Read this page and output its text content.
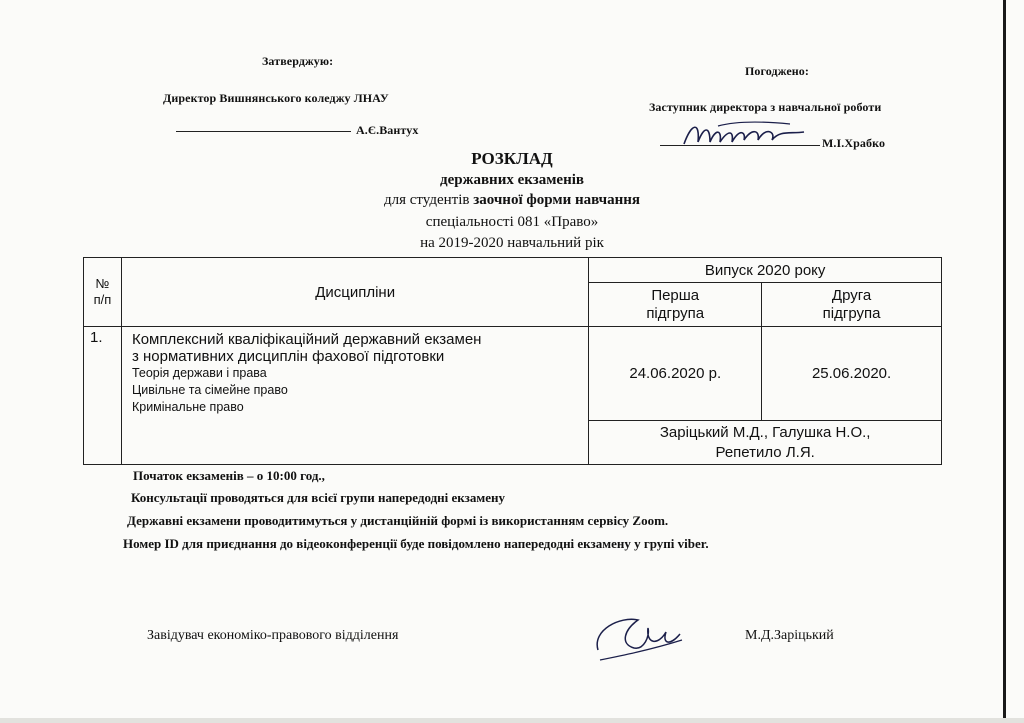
Затверджую:
Директор Вишнянського коледжу ЛНАУ
А.Є.Вантух
Погоджено:
Заступник директора з навчальної роботи
М.І.Храбко
РОЗКЛАД
державних екзаменів
для студентів заочної форми навчання
спеціальності 081 «Право»
на 2019-2020 навчальний рік
№ п/п	Дисципліни	Випуск 2020 року	
		Перша підгрупа	Друга підгрупа
1.	Комплексний кваліфікаційний державний екзамен
з нормативних дисциплін фахової підготовки
Теорія держави і права
Цивільне та сімейне право
Кримінальне право	24.06.2020 р.	25.06.2020.

		Заріцький М.Д., Галушка Н.О.,
Репетило Л.Я.	
Початок екзаменів – о 10:00 год.,
Консультації проводяться для всієї групи напередодні екзамену
Державні екзамени проводитимуться у дистанційній формі із використанням сервісу Zoom.
Номер ID для приєднання до відеоконференції буде повідомлено напередодні екзамену у групі viber.
Завідувач економіко-правового відділення	М.Д.Заріцький
